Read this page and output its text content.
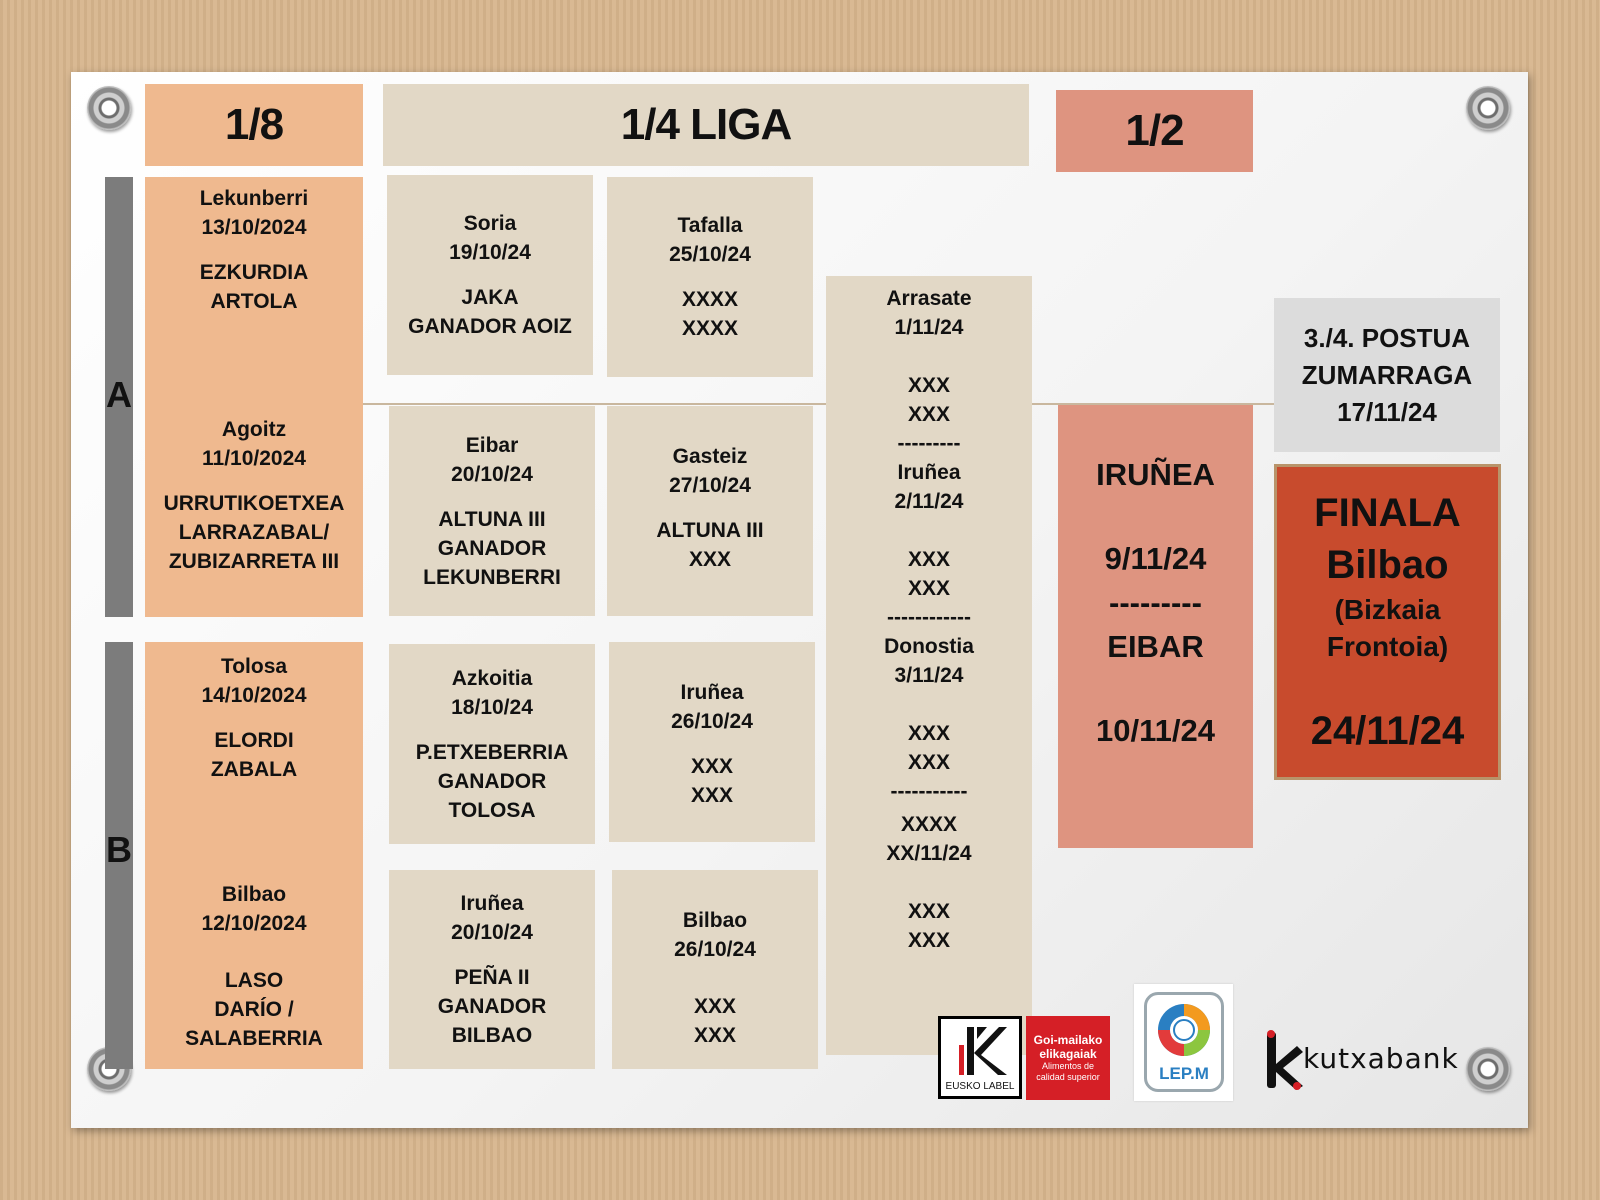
1/8	1/4 LIGA	1/2
A
B
Lekunberri
13/10/2024
EZKURDIA
ARTOLA
Agoitz
11/10/2024
URRUTIKOETXEA
LARRAZABAL/
ZUBIZARRETA III
Tolosa
14/10/2024
ELORDI
ZABALA
Bilbao
12/10/2024
LASO
DARÍO /
SALABERRIA
Soria
19/10/24
JAKA
GANADOR AOIZ
Eibar
20/10/24
ALTUNA III
GANADOR
LEKUNBERRI
Azkoitia
18/10/24
P.ETXEBERRIA
GANADOR
TOLOSA
Iruñea
20/10/24
PEÑA II
GANADOR
BILBAO
Tafalla
25/10/24
XXXX
XXXX
Gasteiz
27/10/24
ALTUNA III
XXX
Iruñea
26/10/24
XXX
XXX
Bilbao
26/10/24
XXX
XXX
Arrasate
1/11/24
XXX
XXX
---------
Iruñea
2/11/24
XXX
XXX
------------
Donostia
3/11/24
XXX
XXX
-----------
XXXX
XX/11/24
XXX
XXX
IRUÑEA
9/11/24
---------
EIBAR
10/11/24
3./4. POSTUA
ZUMARRAGA
17/11/24
FINALA
Bilbao
(Bizkaia
Frontoia)
24/11/24
EUSKO LABEL
Goi-mailako
elikagaiak
Alimentos de
calidad superior	LEP.M	kutxabank
